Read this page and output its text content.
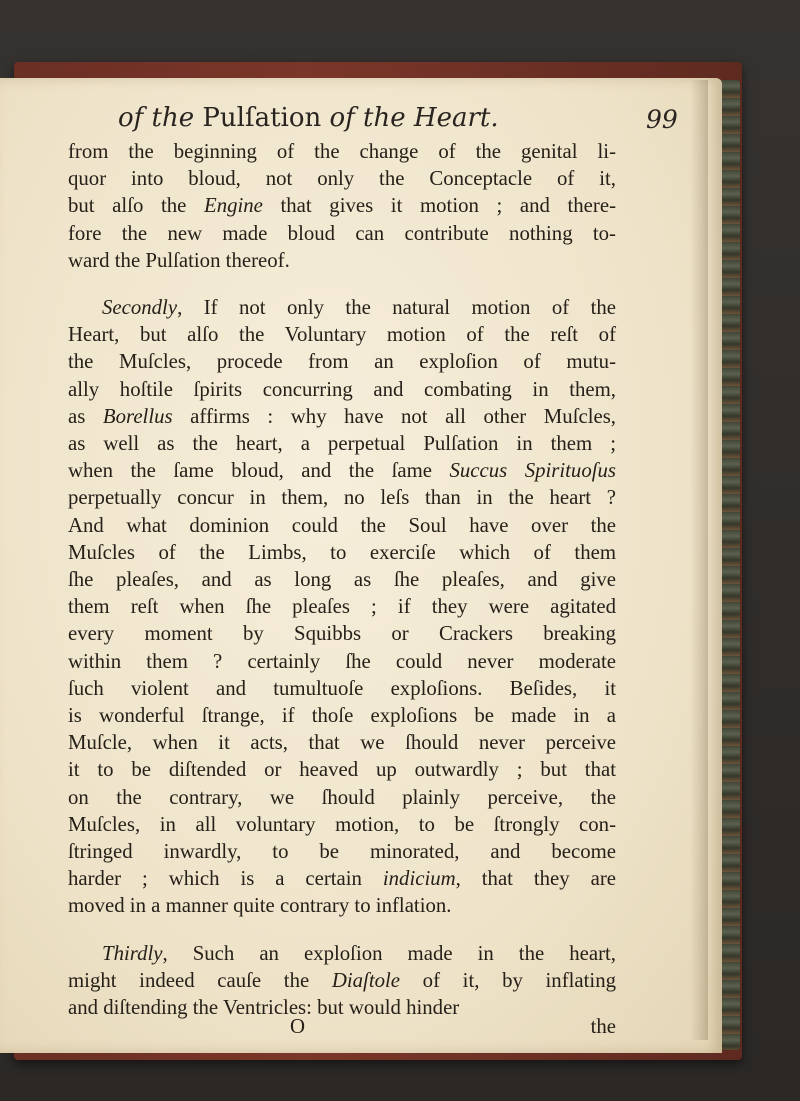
of the Pulſation of the Heart.	99
from the beginning of the change of the genital li-
quor into bloud, not only the Conceptacle of it,
but alſo the Engine that gives it motion ; and there-
fore the new made bloud can contribute nothing to-
ward the Pulſation thereof.
Secondly, If not only the natural motion of the
Heart, but alſo the Voluntary motion of the reſt of
the Muſcles, procede from an exploſion of mutu-
ally hoſtile ſpirits concurring and combating in them,
as Borellus affirms : why have not all other Muſcles,
as well as the heart, a perpetual Pulſation in them ;
when the ſame bloud, and the ſame Succus Spirituoſus
perpetually concur in them, no leſs than in the heart ?
And what dominion could the Soul have over the
Muſcles of the Limbs, to exerciſe which of them
ſhe pleaſes, and as long as ſhe pleaſes, and give
them reſt when ſhe pleaſes ; if they were agitated
every moment by Squibbs or Crackers breaking
within them ? certainly ſhe could never moderate
ſuch violent and tumultuoſe exploſions. Beſides, it
is wonderful ſtrange, if thoſe exploſions be made in a
Muſcle, when it acts, that we ſhould never perceive
it to be diſtended or heaved up outwardly ; but that
on the contrary, we ſhould plainly perceive, the
Muſcles, in all voluntary motion, to be ſtrongly con-
ſtringed inwardly, to be minorated, and become
harder ; which is a certain indicium, that they are
moved in a manner quite contrary to inflation.
Thirdly, Such an exploſion made in the heart,
might indeed cauſe the Diaſtole of it, by inflating
and diſtending the Ventricles: but would hinder
O	the
